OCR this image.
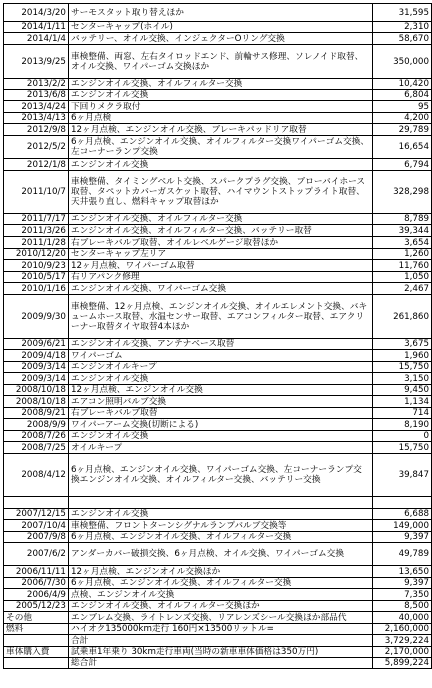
2014/3/20	サーモスタット取り替えほか	31,595
2014/1/11	センターキャップ(ホイル)	2,310
2014/1/4	バッテリー、オイル交換、インジェクターOリング交換	58,670
2013/9/25	車検整備、両窓、左右タイロッドエンド、前輪サス修理、ソレノイド取替、オイル交換、ワイパーゴム交換ほか	350,000
2013/2/2	エンジンオイル交換、オイルフィルター交換	10,420
2013/6/8	エンジンオイル交換	6,804
2013/4/24	下回りメクラ取付	95
2013/4/13	6ヶ月点検	4,200
2012/9/8	12ヶ月点検、エンジンオイル交換、ブレーキパッドリア取替	29,789
2012/5/2	6ヶ月点検、エンジンオイル交換、オイルフィルター交換ワイパーゴム交換、左コーナーランプ交換	16,654
2012/1/8	エンジンオイル交換	6,794
2011/10/7	車検整備、タイミングベルト交換、スパークプラグ交換、ブローバイホース取替、タペットカバーガスケット取替、ハイマウントストップライト取替、天井張り直し、燃料キャップ取替ほか	328,298
2011/7/17	エンジンオイル交換、オイルフィルター交換	8,789
2011/3/26	エンジンオイル交換、オイルフィルター交換、バッテリー取替	39,344
2011/1/28	右ブレーキバルブ取替、オイルレベルゲージ取替ほか	3,654
2010/12/20	センターキャップ左リア	1,260
2010/9/23	12ヶ月点検、ワイパーゴム取替	11,760
2010/5/17	右リアパンク修理	1,050
2010/1/16	エンジンオイル交換、ワイパーゴム交換	2,467
2009/9/30	車検整備、12ヶ月点検、エンジンオイル交換、オイルエレメント交換、バキュームホース取替、水温センサー取替、エアコンフィルター取替、エアクリーナー取替タイヤ取替4本ほか	261,860
2009/6/21	エンジンオイル交換、アンテナベース取替	3,675
2009/4/18	ワイパーゴム	1,960
2009/3/14	エンジンオイルキープ	15,750
2009/3/14	エンジンオイル交換	3,150
2008/10/18	12ヶ月点検、エンジンオイル交換	9,450
2008/10/18	エアコン照明バルブ交換	1,134
2008/9/21	右ブレーキバルブ取替	714
2008/9/9	ワイパーアーム交換(切断による)	8,190
2008/7/26	エンジンオイル交換	0
2008/7/25	オイルキープ	15,750
2008/4/12	6ヶ月点検、エンジンオイル交換、ワイパーゴム交換、左コーナーランプ交換エンジンオイル交換、オイルフィルター交換、バッテリー交換	39,847

2007/12/15	エンジンオイル交換	6,688
2007/10/4	車検整備、フロントターンシグナルランプバルブ交換等	149,000
2007/9/8	6ヶ月点検、エンジンオイル交換、オイルフィルター交換	9,397
2007/6/2	アンダーカバー破損交換、6ヶ月点検、オイル交換、ワイパーゴム交換	49,789
2006/11/11	12ヶ月点検、エンジンオイル交換ほか	13,650
2006/7/30	6ヶ月点検、エンジンオイル交換、オイルフィルター交換	9,397
2006/4/9	点検、エンジンオイル交換	7,350
2005/12/23	エンジンオイル交換、オイルフィルター交換ほか	8,500
その他	エンブレム交換、ライトレンズ交換、リアレンズシール交換ほか部品代	40,000
燃料	ハイオク135000km走行 160円×13500リットル=	2,160,000
	合計	3,729,224
車体購入費	試乗車1年乗り 30km走行車両(当時の新車車体価格は350万円)	2,170,000
	総合計	5,899,224
